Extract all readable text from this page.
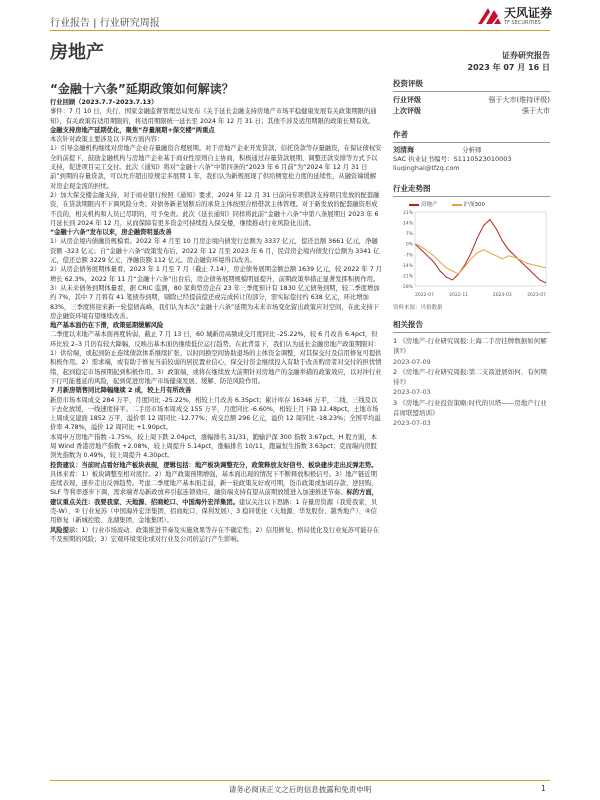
行业报告 | 行业研究周报
天风证券
TF SECURITIES
房地产	证券研究报告
2023 年 07 月 16 日
“金融十六条”延期政策如何解读？

行业回顾（2023.7.7–2023.7.13）

事件：7 月 10 日，央行、国家金融监督管理总局发布《关于延长金融支持房地产市场平稳健康发展有关政策期限的通知》，有关政策有适用期限的，将适用期限统一延长至 2024 年 12 月 31 日；其他不涉及适用期限的政策长期有效。

金融支持房地产延期优化，聚焦“存量展期+保交楼”两重点

本次针对政策主要涉及以下两方面内容：

1）引导金融机构继续对房地产企业存量融资合理展期。对于房地产企业开发贷款、信托贷款等存量融资，在保证债权安全的前提下，鼓励金融机构与房地产企业基于商业性原则自主协商，积极通过存量贷款展期、调整还款安排等方式予以支持，促进项目完工交付。此次《通知》将对“金融十六条”中第四条的“2023 年 6 月前”为“2024 年 12 月 31 日前”到期的存量贷款，可以允许超出原规定多展期 1 年，我们认为新规展现了供给侧宽松力度的延续性，从融资端缓解对房企现金流的担忧。

2）加大保交楼金融支持，对于商业银行按照《通知》要求，2024 年 12 月 31 日前向专项借款支持项目发放的配套融资，在贷款期限内不下调风险分类；对债务新老划断后的承贷主体按照合格借款主体管理。对于新发放的配套融资形成不良的，相关机构和人员已尽职的，可予免责。此次《延长通知》同样将此前“金融十六条”中第八条展期日 2023 年 6 月延长到 2024 年 12 月，从而保障有更多资金可持续投入保交楼，继续推动行业风险化出清。

“金融十六条”发布以来，房企融资明显改善

1）从房企境内债融资规模看。2022 年 4 月至 10 月房企境内债发行总额为 3337 亿元，偿还总额 3661 亿元，净融资额 -323 亿元；自“金融十六条”政策发布后，2022 年 12 月至 2023 年 6 月，民营房企境内债发行总额为 3341 亿元，偿还总额 3229 亿元，净融资额 112 亿元。房企融资环境得以改善。

2）从房企债务展期体量看，2023 年 1 月至 7 月（截止 7.14），房企债务展期金额总额 1639 亿元，较 2022 年 7 月增长 62.3%，2022 年 11 月“金融十六条”出台后，房企债务展期规模明显提升，前期政策举措正显著发挥积极作用。

3）从未来债务到期体量看，据 CRIC 监测，80 家典型房企在 23 年三季度预计有 1830 亿元债务到期，较二季度增加约 7%，其中 7 月将有 41 笔债券到期，剔除已经提前偿还或完成转让的部分，需实际偿付约 638 亿元，环比增加 83%，三季度将迎来新一轮偿债高峰，我们认为本次“金融十六条”延期为未来市场变化留出政策应对空间，在此支持下房企融资环境有望继续改善。

地产基本面仍在下滑，政策延期缓解风险

二季度以来地产基本面再度转弱，截止 7 月 13 日，60 城新房高频成交月度同比 -25.22%，较 6 月改善 6.4pct，但环比较 2–3 月仍有较大降幅，反映出基本面仍继续低位运行趋势。在此背景下，我们认为延长金融房地产政策期限对：1）供给端，或起到防止连续债款体系继续扩张，以时间换空间协助退场的主体资金调整，对其保交付及信用修复可提供积极作用。2）需求端，或有助于修复当前较弱的居民置业信心，保交付资金继续投入有助于改善购房者对交付的担忧情绪，起到稳定市场预期起到积极作用。3）政策端，或将在继续放大前期针对房地产的金融举措的政策效应，以对冲行业下行可能蔓延的风险，起到促进房地产市场健康发展、缓解、防范风险作用。

7 月新房销售同比降幅继续 2 成，较上月有所改善

新房市场本周成交 284 万平，月度同比 -25.22%，相较上月改善 6.35pct；累计库存 16346 万平，二线、三线及以下去化放缓，一线速度持平。二手房市场本周成交 155 万平，月度同比 -6.60%，相较上月下降 12.48pct。土地市场上周成交建面 1852 万平，溢价率 12 周同比 -12.77%；成交总额 296 亿元，溢价 12 周同比 -18.23%；全国平均溢价率 4.78%，溢价 12 周同比 +1.90pct。

本周申万房地产指数 -1.75%，较上周下跌 2.04pct，涨幅排名 31/31，跑输沪深 300 指数 3.67pct。H 股方面，本周 Wind 香港房地产指数 +2.08%，较上周提升 5.14pct，涨幅排名 10/11，跑赢恒生指数 3.63pct；克而瑞内房股领先指数为 0.49%，较上周提升 4.30pct。

投资建议：当前时点看好地产板块表现，逻辑包括：地产板块调整充分，政策释放友好信号、板块建步走出反弹走势。具体来看：1）板块调整至相对底位。2）地产政策预期增强，基本面出现的情况下不断释放积极信号。3）地产链近期连续表现，逐步走出反弹趋势。考虑二季度地产基本面走弱，新一轮政策友好或可期，货币政策或加码存款、逆回购、SLF 等利率逐步下调，需求端青岛新政放弃引起连锁效应，融资端支持有望从前期放缓进入加速推进节奏。标的方面，建议重点关注：我要我家、天地源、招商蛇口、中国海外宏洋集团。建议关注以下思路：1 存量房资源（我爱我家、贝壳-W）、② 行业复苏（中国海外宏洋集团、招商蛇口、保利发展）、3 稳同优化（天地源、华发股份、越秀地产）、④信用修复（新城控股、龙湖集团、金地集团）。

风险提示：1）行业市场波动、政策推进节奏及实施效果等存在不确定性；2）信用修复、格局优化及行业复苏可能存在不及预期的风险；3）宏观环境变化或对行业及公司的运行产生影响。

投资评级
行业评级	强于大市(维持评级)
上次评级	强于大市
作者
刘清海	分析师
SAC 执业证书编号：S1110523010003
liuqinghai@tfzq.com
行业走势图
房地产	沪深300
21%
14%
7%
0%
-7%
-14%
-21%
-28%
2022-07	2022-11	2023-03	2023-07
资料来源：贝格数据
相关报告
1 《房地产-行业研究周报:上海二手房挂牌数据如何解读?》
2023-07-09
2 《房地产-行业研究周报:第二支箭进展如何、有何期待?》
2023-07-03
3 《房地产-行业投资策略:时代的贝塔——房地产行业首席联盟培训》
2023-07-03
请务必阅读正文之后的信息披露和免责申明	1
